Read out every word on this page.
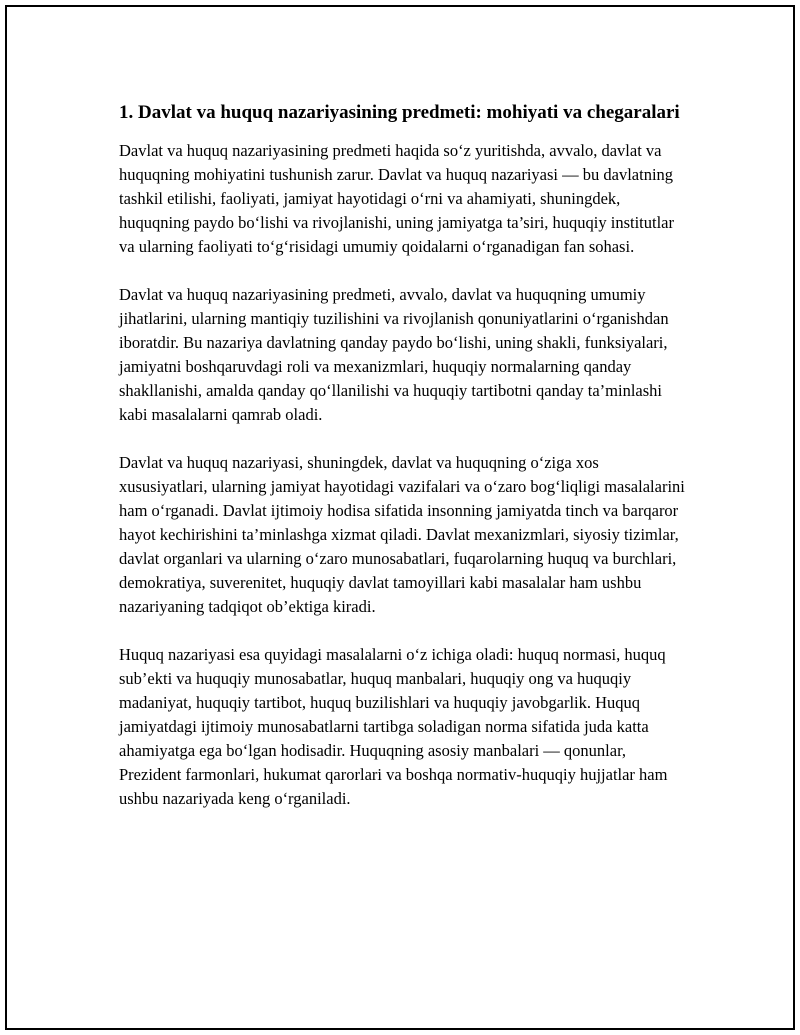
1. Davlat va huquq nazariyasining predmeti: mohiyati va chegaralari

Davlat va huquq nazariyasining predmeti haqida so‘z yuritishda, avvalo, davlat va huquqning mohiyatini tushunish zarur. Davlat va huquq nazariyasi — bu davlatning tashkil etilishi, faoliyati, jamiyat hayotidagi o‘rni va ahamiyati, shuningdek, huquqning paydo bo‘lishi va rivojlanishi, uning jamiyatga ta’siri, huquqiy institutlar va ularning faoliyati to‘g‘risidagi umumiy qoidalarni o‘rganadigan fan sohasi.

Davlat va huquq nazariyasining predmeti, avvalo, davlat va huquqning umumiy jihatlarini, ularning mantiqiy tuzilishini va rivojlanish qonuniyatlarini o‘rganishdan iboratdir. Bu nazariya davlatning qanday paydo bo‘lishi, uning shakli, funksiyalari, jamiyatni boshqaruvdagi roli va mexanizmlari, huquqiy normalarning qanday shakllanishi, amalda qanday qo‘llanilishi va huquqiy tartibotni qanday ta’minlashi kabi masalalarni qamrab oladi.

Davlat va huquq nazariyasi, shuningdek, davlat va huquqning o‘ziga xos xususiyatlari, ularning jamiyat hayotidagi vazifalari va o‘zaro bog‘liqligi masalalarini ham o‘rganadi. Davlat ijtimoiy hodisa sifatida insonning jamiyatda tinch va barqaror hayot kechirishini ta’minlashga xizmat qiladi. Davlat mexanizmlari, siyosiy tizimlar, davlat organlari va ularning o‘zaro munosabatlari, fuqarolarning huquq va burchlari, demokratiya, suverenitet, huquqiy davlat tamoyillari kabi masalalar ham ushbu nazariyaning tadqiqot ob’ektiga kiradi.

Huquq nazariyasi esa quyidagi masalalarni o‘z ichiga oladi: huquq normasi, huquq sub’ekti va huquqiy munosabatlar, huquq manbalari, huquqiy ong va huquqiy madaniyat, huquqiy tartibot, huquq buzilishlari va huquqiy javobgarlik. Huquq jamiyatdagi ijtimoiy munosabatlarni tartibga soladigan norma sifatida juda katta ahamiyatga ega bo‘lgan hodisadir. Huquqning asosiy manbalari — qonunlar, Prezident farmonlari, hukumat qarorlari va boshqa normativ-huquqiy hujjatlar ham ushbu nazariyada keng o‘rganiladi.
